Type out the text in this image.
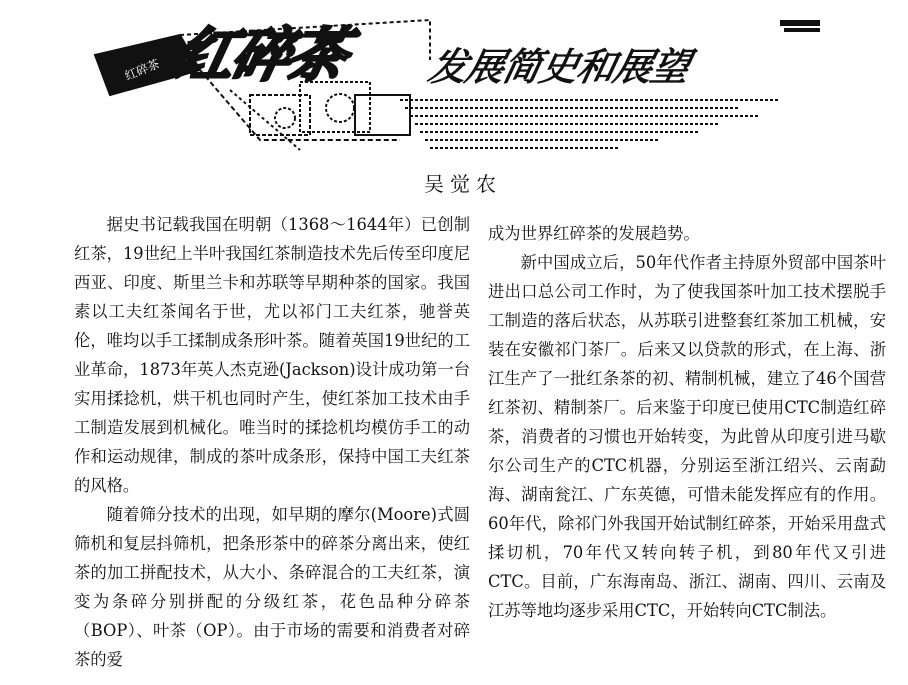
红碎茶 发展简史和展望
红碎茶
吴觉农

据史书记载我国在明朝（1368～1644年）已创制红茶，19世纪上半叶我国红茶制造技术先后传至印度尼西亚、印度、斯里兰卡和苏联等早期种茶的国家。我国素以工夫红茶闻名于世，尤以祁门工夫红茶，驰誉英伦，唯均以手工揉制成条形叶茶。随着英国19世纪的工业革命，1873年英人杰克逊(Jackson)设计成功第一台实用揉捻机，烘干机也同时产生，使红茶加工技术由手工制造发展到机械化。唯当时的揉捻机均模仿手工的动作和运动规律，制成的茶叶成条形，保持中国工夫红茶的风格。

随着筛分技术的出现，如早期的摩尔(Moore)式圆筛机和复层抖筛机，把条形茶中的碎茶分离出来，使红茶的加工拼配技术，从大小、条碎混合的工夫红茶，演变为条碎分别拼配的分级红茶，花色品种分碎茶（BOP）、叶茶（OP）。由于市场的需要和消费者对碎茶的爱

成为世界红碎茶的发展趋势。

新中国成立后，50年代作者主持原外贸部中国茶叶进出口总公司工作时，为了使我国茶叶加工技术摆脱手工制造的落后状态，从苏联引进整套红茶加工机械，安装在安徽祁门茶厂。后来又以贷款的形式，在上海、浙江生产了一批红条茶的初、精制机械，建立了46个国营红茶初、精制茶厂。后来鉴于印度已使用CTC制造红碎茶，消费者的习惯也开始转变，为此曾从印度引进马歇尔公司生产的CTC机器，分别运至浙江绍兴、云南勐海、湖南瓮江、广东英德，可惜未能发挥应有的作用。60年代，除祁门外我国开始试制红碎茶，开始采用盘式揉切机，70年代又转向转子机，到80年代又引进CTC。目前，广东海南岛、浙江、湖南、四川、云南及江苏等地均逐步采用CTC，开始转向CTC制法。
